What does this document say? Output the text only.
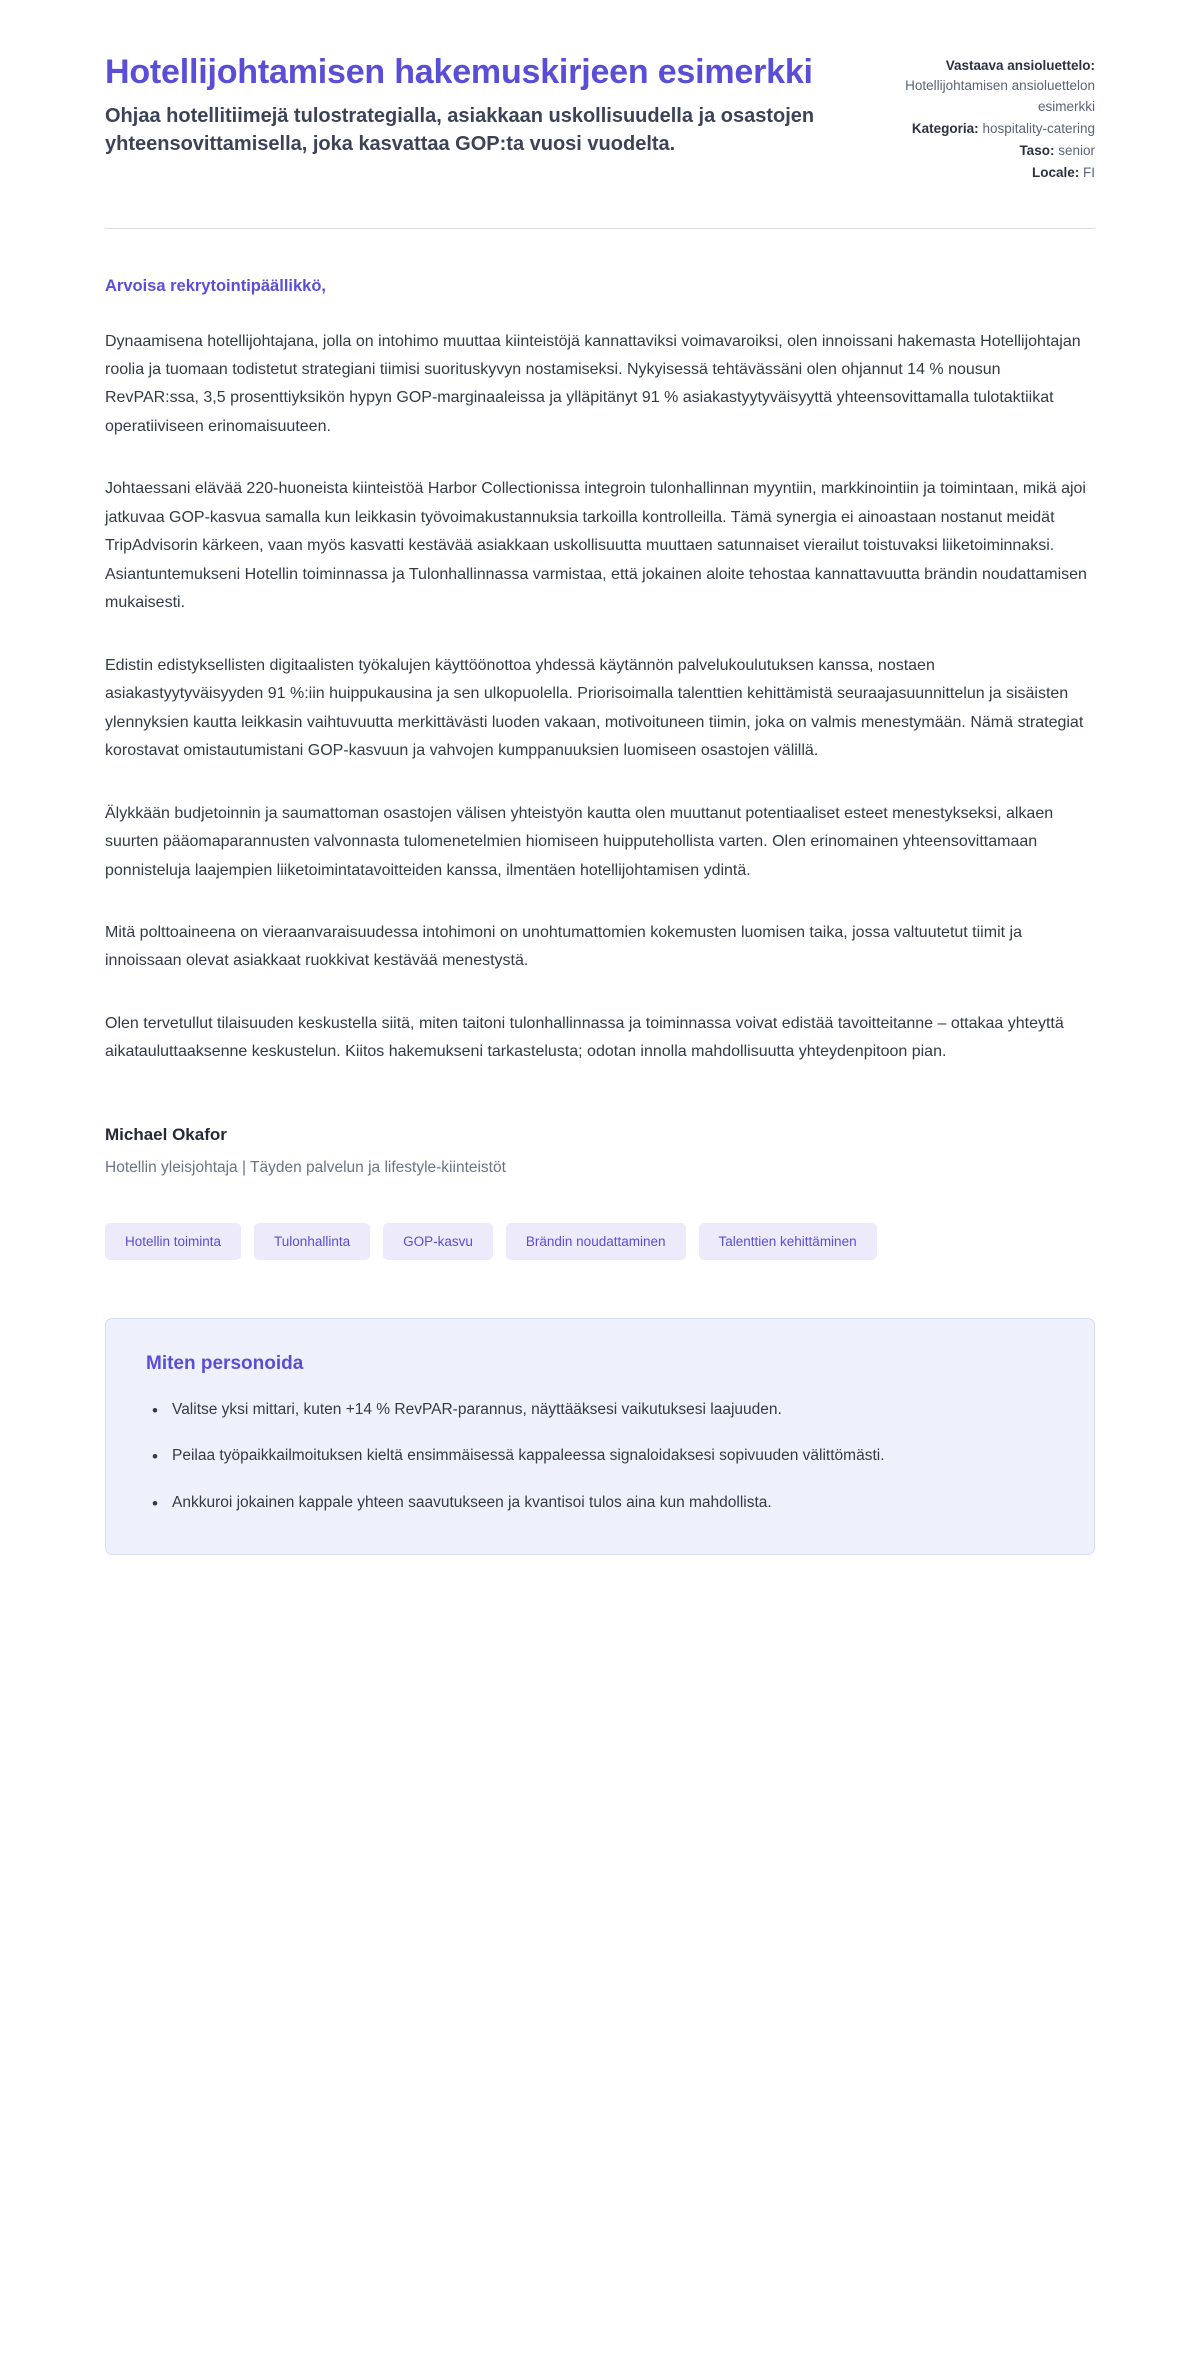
Hotellijohtamisen hakemuskirjeen esimerkki

Ohjaa hotellitiimejä tulostrategialla, asiakkaan uskollisuudella ja osastojen yhteensovittamisella, joka kasvattaa GOP:ta vuosi vuodelta.

Vastaava ansioluettelo: Hotellijohtamisen ansioluettelon esimerkki
Kategoria: hospitality-catering
Taso: senior
Locale: FI

Arvoisa rekrytointipäällikkö,

Dynaamisena hotellijohtajana, jolla on intohimo muuttaa kiinteistöjä kannattaviksi voimavaroiksi, olen innoissani hakemasta Hotellijohtajan roolia ja tuomaan todistetut strategiani tiimisi suorituskyvyn nostamiseksi. Nykyisessä tehtävässäni olen ohjannut 14 % nousun RevPAR:ssa, 3,5 prosenttiyksikön hypyn GOP-marginaaleissa ja ylläpitänyt 91 % asiakastyytyväisyyttä yhteensovittamalla tulotaktiikat operatiiviseen erinomaisuuteen.

Johtaessani elävää 220-huoneista kiinteistöä Harbor Collectionissa integroin tulonhallinnan myyntiin, markkinointiin ja toimintaan, mikä ajoi jatkuvaa GOP-kasvua samalla kun leikkasin työvoimakustannuksia tarkoilla kontrolleilla. Tämä synergia ei ainoastaan nostanut meidät TripAdvisorin kärkeen, vaan myös kasvatti kestävää asiakkaan uskollisuutta muuttaen satunnaiset vierailut toistuvaksi liiketoiminnaksi. Asiantuntemukseni Hotellin toiminnassa ja Tulonhallinnassa varmistaa, että jokainen aloite tehostaa kannattavuutta brändin noudattamisen mukaisesti.

Edistin edistyksellisten digitaalisten työkalujen käyttöönottoa yhdessä käytännön palvelukoulutuksen kanssa, nostaen asiakastyytyväisyyden 91 %:iin huippukausina ja sen ulkopuolella. Priorisoimalla talenttien kehittämistä seuraajasuunnittelun ja sisäisten ylennyksien kautta leikkasin vaihtuvuutta merkittävästi luoden vakaan, motivoituneen tiimin, joka on valmis menestymään. Nämä strategiat korostavat omistautumistani GOP-kasvuun ja vahvojen kumppanuuksien luomiseen osastojen välillä.

Älykkään budjetoinnin ja saumattoman osastojen välisen yhteistyön kautta olen muuttanut potentiaaliset esteet menestykseksi, alkaen suurten pääomaparannusten valvonnasta tulomenetelmien hiomiseen huipputehollista varten. Olen erinomainen yhteensovittamaan ponnisteluja laajempien liiketoimintatavoitteiden kanssa, ilmentäen hotellijohtamisen ydintä.

Mitä polttoaineena on vieraanvaraisuudessa intohimoni on unohtumattomien kokemusten luomisen taika, jossa valtuutetut tiimit ja innoissaan olevat asiakkaat ruokkivat kestävää menestystä.

Olen tervetullut tilaisuuden keskustella siitä, miten taitoni tulonhallinnassa ja toiminnassa voivat edistää tavoitteitanne – ottakaa yhteyttä aikatauluttaaksenne keskustelun. Kiitos hakemukseni tarkastelusta; odotan innolla mahdollisuutta yhteydenpitoon pian.

Michael Okafor

Hotellin yleisjohtaja | Täyden palvelun ja lifestyle-kiinteistöt

Hotellin toiminta	Tulonhallinta	GOP-kasvu	Brändin noudattaminen	Talenttien kehittäminen

Miten personoida

• Valitse yksi mittari, kuten +14 % RevPAR-parannus, näyttääksesi vaikutuksesi laajuuden.
• Peilaa työpaikkailmoituksen kieltä ensimmäisessä kappaleessa signaloidaksesi sopivuuden välittömästi.
• Ankkuroi jokainen kappale yhteen saavutukseen ja kvantisoi tulos aina kun mahdollista.
